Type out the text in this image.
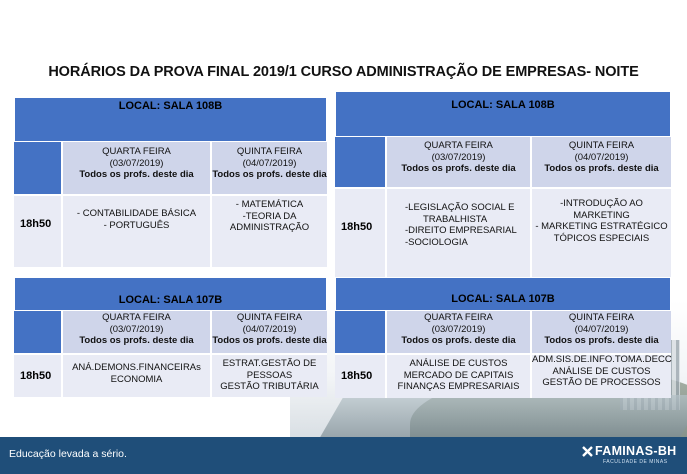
HORÁRIOS DA PROVA FINAL 2019/1 CURSO ADMINISTRAÇÃO DE EMPRESAS- NOITE
LOCAL: SALA 108B
QUARTA FEIRA
(03/07/2019)
Todos os profs. deste dia
QUINTA FEIRA
(04/07/2019)
Todos os profs. deste dia
18h50
- CONTABILIDADE BÁSICA
- PORTUGUÊS
- MATEMÁTICA
-TEORIA DA
ADMINISTRAÇÃO
LOCAL: SALA 107B
QUARTA FEIRA
(03/07/2019)
Todos os profs. deste dia
QUINTA FEIRA
(04/07/2019)
Todos os profs. deste dia
18h50
ANÁ.DEMONS.FINANCEIRAs
ECONOMIA
ESTRAT.GESTÃO DE PESSOAS
GESTÃO TRIBUTÁRIA
LOCAL: SALA 108B
QUARTA FEIRA
(03/07/2019)
Todos os profs. deste dia
QUINTA FEIRA
(04/07/2019)
Todos os profs. deste dia
18h50
-LEGISLAÇÃO SOCIAL E
TRABALHISTA
-DIREITO EMPRESARIAL
-SOCIOLOGIA
-INTRODUÇÃO AO
MARKETING
- MARKETING ESTRATÉGICO
TÓPICOS ESPECIAIS
LOCAL: SALA 107B
QUARTA FEIRA
(03/07/2019)
Todos os profs. deste dia
QUINTA FEIRA
(04/07/2019)
Todos os profs. deste dia
18h50
ANÁLISE DE CUSTOS
MERCADO DE CAPITAIS
FINANÇAS EMPRESARIAIS
ADM.SIS.DE.INFO.TOMA.DECC
ANÁLISE DE CUSTOS
GESTÃO DE PROCESSOS
Educação levada a sério.	FAMINAS-BH
FACULDADE DE MINAS
